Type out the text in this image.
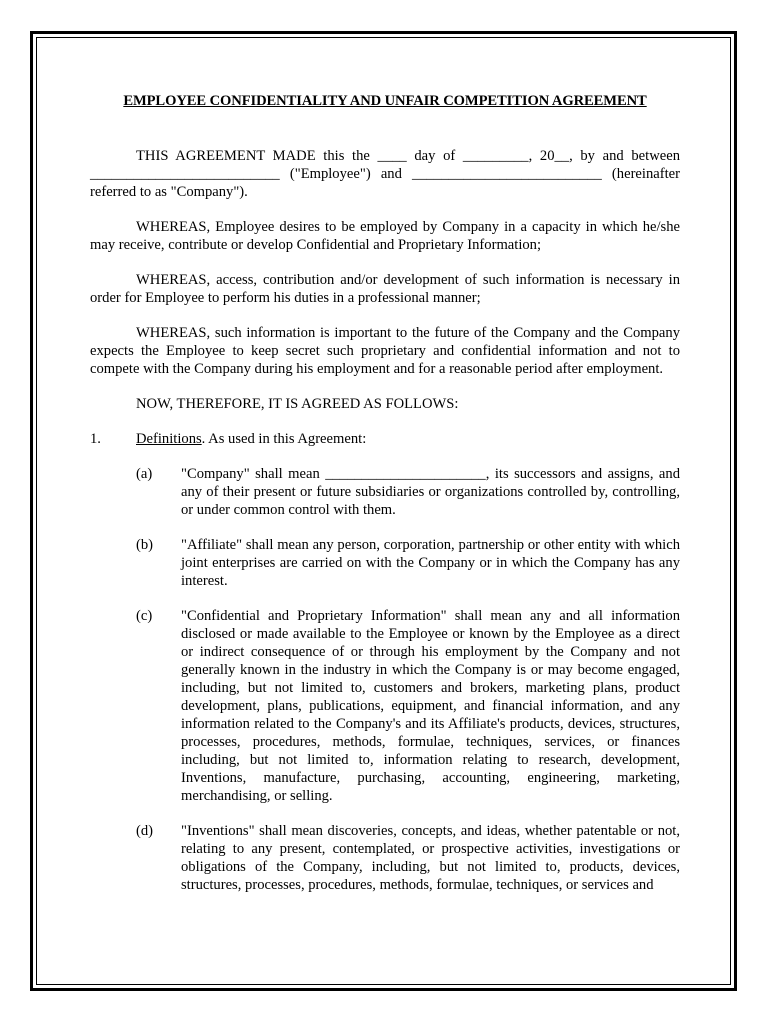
EMPLOYEE CONFIDENTIALITY AND UNFAIR COMPETITION AGREEMENT
THIS AGREEMENT MADE this the ____ day of _________, 20__, by and between __________________________ ("Employee") and __________________________ (hereinafter referred to as "Company").
WHEREAS, Employee desires to be employed by Company in a capacity in which he/she may receive, contribute or develop Confidential and Proprietary Information;
WHEREAS, access, contribution and/or development of such information is necessary in order for Employee to perform his duties in a professional manner;
WHEREAS, such information is important to the future of the Company and the Company expects the Employee to keep secret such proprietary and confidential information and not to compete with the Company during his employment and for a reasonable period after employment.
NOW, THEREFORE, IT IS AGREED AS FOLLOWS:
1. Definitions. As used in this Agreement:
(a) "Company" shall mean ______________________, its successors and assigns, and any of their present or future subsidiaries or organizations controlled by, controlling, or under common control with them.
(b) "Affiliate" shall mean any person, corporation, partnership or other entity with which joint enterprises are carried on with the Company or in which the Company has any interest.
(c) "Confidential and Proprietary Information" shall mean any and all information disclosed or made available to the Employee or known by the Employee as a direct or indirect consequence of or through his employment by the Company and not generally known in the industry in which the Company is or may become engaged, including, but not limited to, customers and brokers, marketing plans, product development, plans, publications, equipment, and financial information, and any information related to the Company's and its Affiliate's products, devices, structures, processes, procedures, methods, formulae, techniques, services, or finances including, but not limited to, information relating to research, development, Inventions, manufacture, purchasing, accounting, engineering, marketing, merchandising, or selling.
(d) "Inventions" shall mean discoveries, concepts, and ideas, whether patentable or not, relating to any present, contemplated, or prospective activities, investigations or obligations of the Company, including, but not limited to, products, devices, structures, processes, procedures, methods, formulae, techniques, or services and
